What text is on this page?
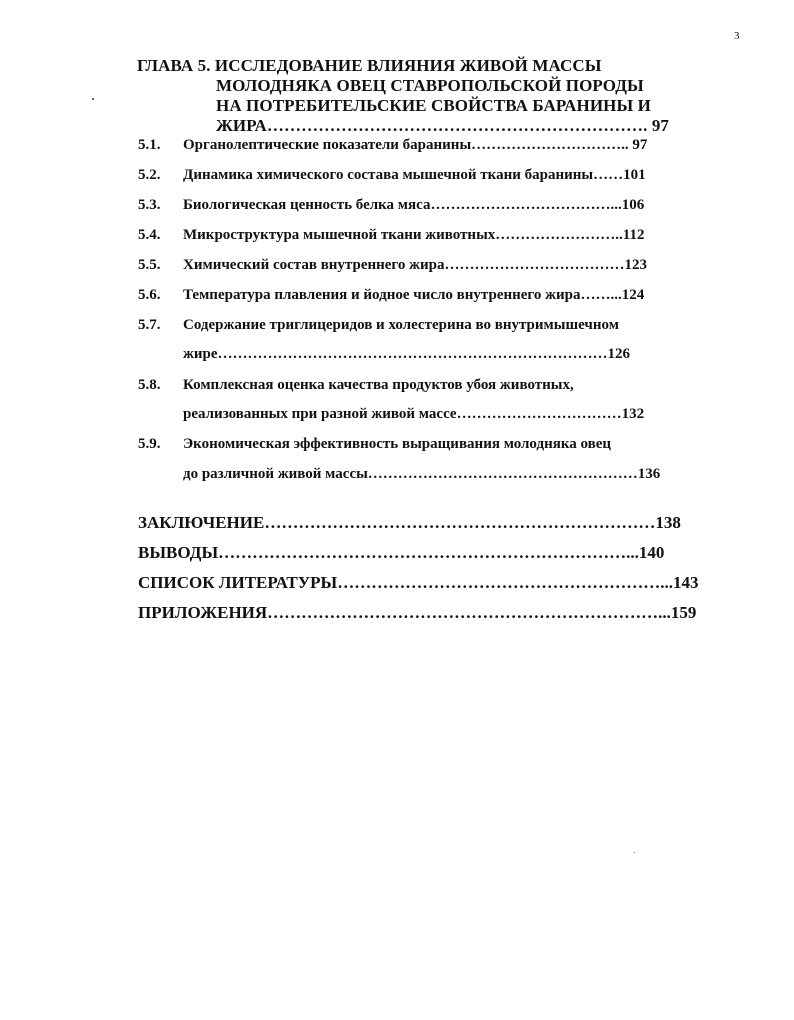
3
ГЛАВА 5. ИССЛЕДОВАНИЕ ВЛИЯНИЯ ЖИВОЙ МАССЫ
МОЛОДНЯКА ОВЕЦ СТАВРОПОЛЬСКОЙ ПОРОДЫ
НА ПОТРЕБИТЕЛЬСКИЕ СВОЙСТВА БАРАНИНЫ И
ЖИРА…………………………………………………………. 97
5.1. Органолептические показатели баранины………………………….. 97
5.2. Динамика химического состава мышечной ткани баранины……101
5.3. Биологическая ценность белка мяса………………………………...106
5.4. Микроструктура мышечной ткани животных……………………..112
5.5. Химический состав внутреннего жира………………………………123
5.6. Температура плавления и йодное число внутреннего жира……...124
5.7. Содержание триглицеридов и холестерина во внутримышечном
жире……………………………………………………………………126
5.8. Комплексная оценка качества продуктов убоя животных,
реализованных при разной живой массе……………………………132
5.9. Экономическая эффективность выращивания молодняка овец
до различной живой массы………………………………………………136
ЗАКЛЮЧЕНИЕ……………………………………………………………138
ВЫВОДЫ………………………………………………………………...140
СПИСОК ЛИТЕРАТУРЫ…………………………………………………...143
ПРИЛОЖЕНИЯ……………………………………………………………...159
